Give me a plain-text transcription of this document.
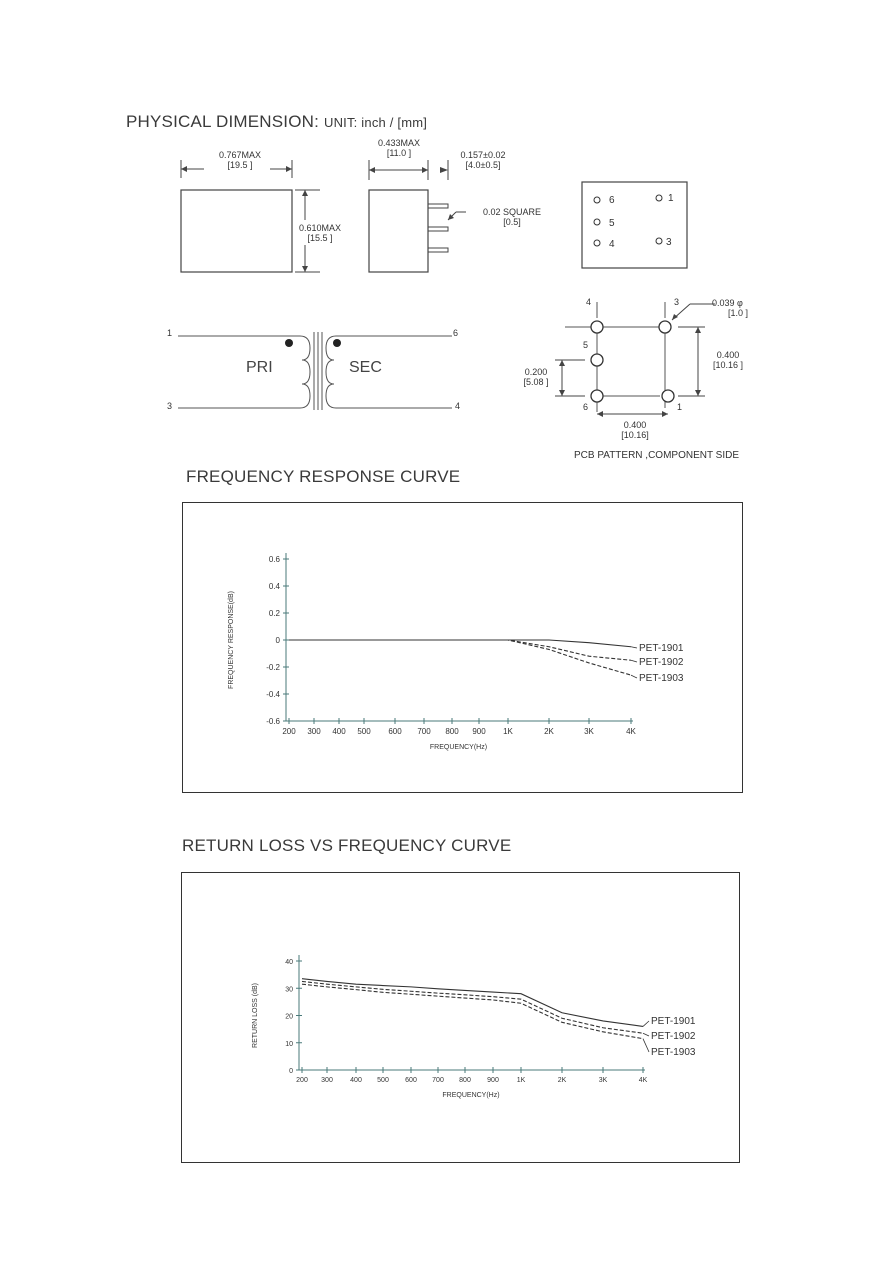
PHYSICAL DIMENSION: UNIT: inch / [mm]
0.767MAX
[19.5 ]
0.610MAX
[15.5 ]
0.433MAX
[11.0 ]	0.157±0.02
[4.0±0.5]
0.02 SQUARE
[0.5]
6
5
4
1
3
1
3
6
4
PRI	SEC
4	3
5
6	1
0.039 φ
[1.0 ]
0.400
[10.16 ]
0.200
[5.08 ]
0.400
[10.16]
PCB PATTERN ,COMPONENT SIDE
FREQUENCY RESPONSE CURVE
0.6
0.4
0.2
0
-0.2
-0.4
-0.6
200 300 400 500 600 700 800 900 1K	2K	3K	4K
FREQUENCY(Hz)
FREQUENCY RESPONSE(dB)	PET-1901
PET-1902
PET-1903
RETURN LOSS VS FREQUENCY CURVE
40
30
20
10
0
200 300 400 500 600 700 800 900	1K	2K	3K	4K
FREQUENCY(Hz)
RETURN LOSS (dB)	PET-1901
PET-1902
PET-1903
